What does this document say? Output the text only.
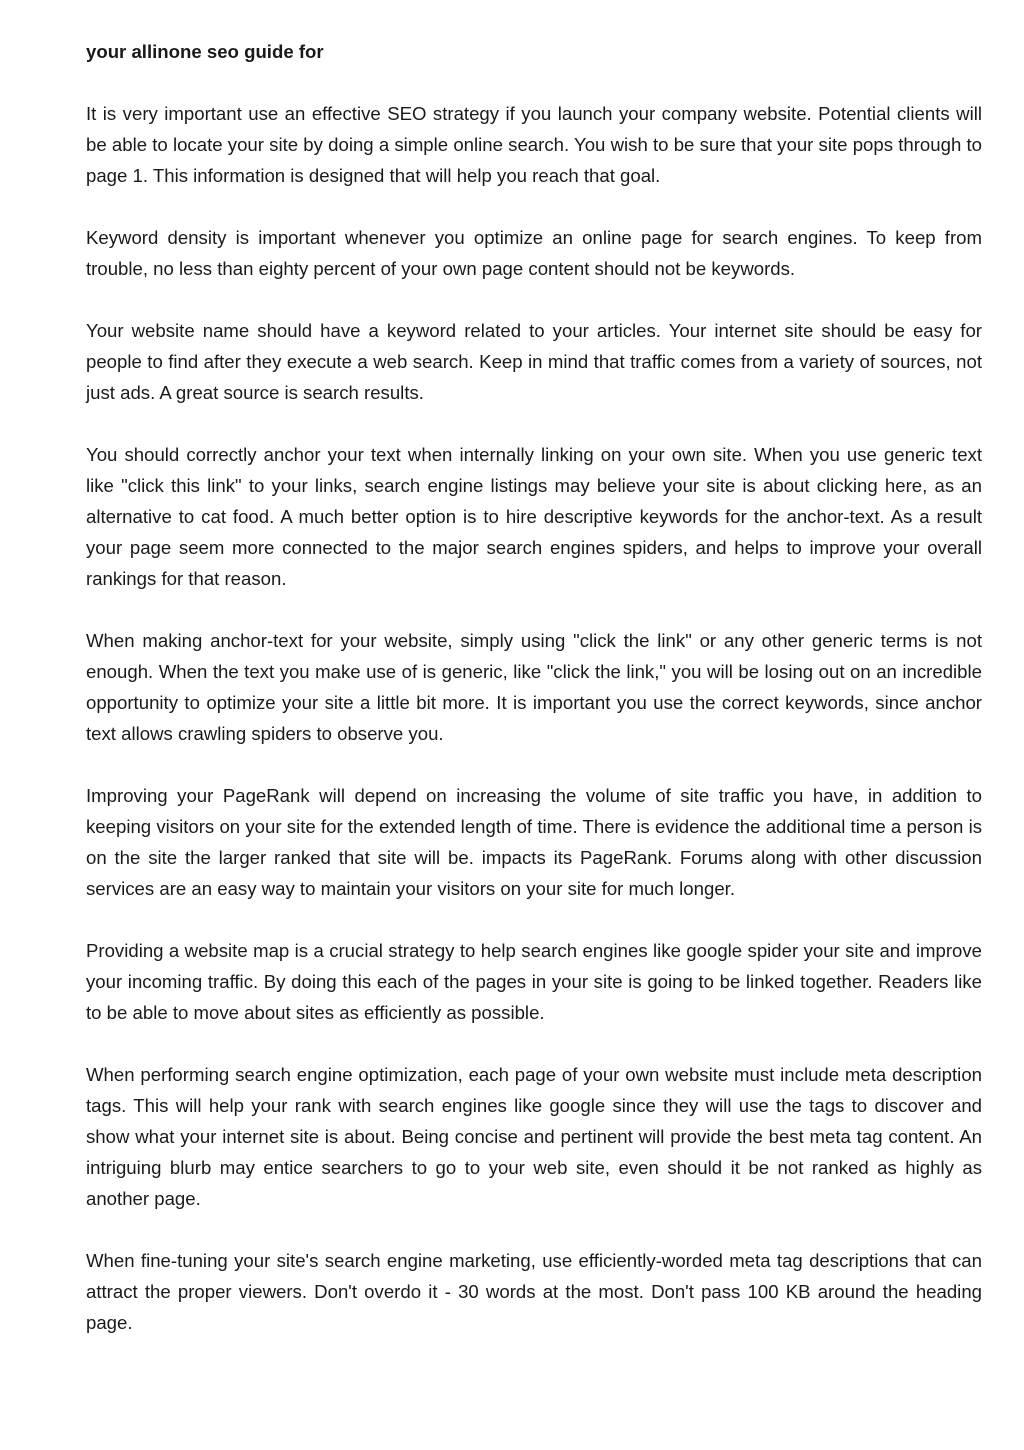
your allinone seo guide for

It is very important use an effective SEO strategy if you launch your company website. Potential clients will be able to locate your site by doing a simple online search. You wish to be sure that your site pops through to page 1. This information is designed that will help you reach that goal.

Keyword density is important whenever you optimize an online page for search engines. To keep from trouble, no less than eighty percent of your own page content should not be keywords.

Your website name should have a keyword related to your articles. Your internet site should be easy for people to find after they execute a web search. Keep in mind that traffic comes from a variety of sources, not just ads. A great source is search results.

You should correctly anchor your text when internally linking on your own site. When you use generic text like "click this link" to your links, search engine listings may believe your site is about clicking here, as an alternative to cat food. A much better option is to hire descriptive keywords for the anchor-text. As a result your page seem more connected to the major search engines spiders, and helps to improve your overall rankings for that reason.

When making anchor-text for your website, simply using "click the link" or any other generic terms is not enough. When the text you make use of is generic, like "click the link," you will be losing out on an incredible opportunity to optimize your site a little bit more. It is important you use the correct keywords, since anchor text allows crawling spiders to observe you.

Improving your PageRank will depend on increasing the volume of site traffic you have, in addition to keeping visitors on your site for the extended length of time. There is evidence the additional time a person is on the site the larger ranked that site will be. impacts its PageRank. Forums along with other discussion services are an easy way to maintain your visitors on your site for much longer.

Providing a website map is a crucial strategy to help search engines like google spider your site and improve your incoming traffic. By doing this each of the pages in your site is going to be linked together. Readers like to be able to move about sites as efficiently as possible.

When performing search engine optimization, each page of your own website must include meta description tags. This will help your rank with search engines like google since they will use the tags to discover and show what your internet site is about. Being concise and pertinent will provide the best meta tag content. An intriguing blurb may entice searchers to go to your web site, even should it be not ranked as highly as another page.

When fine-tuning your site's search engine marketing, use efficiently-worded meta tag descriptions that can attract the proper viewers. Don't overdo it - 30 words at the most. Don't pass 100 KB around the heading page.
